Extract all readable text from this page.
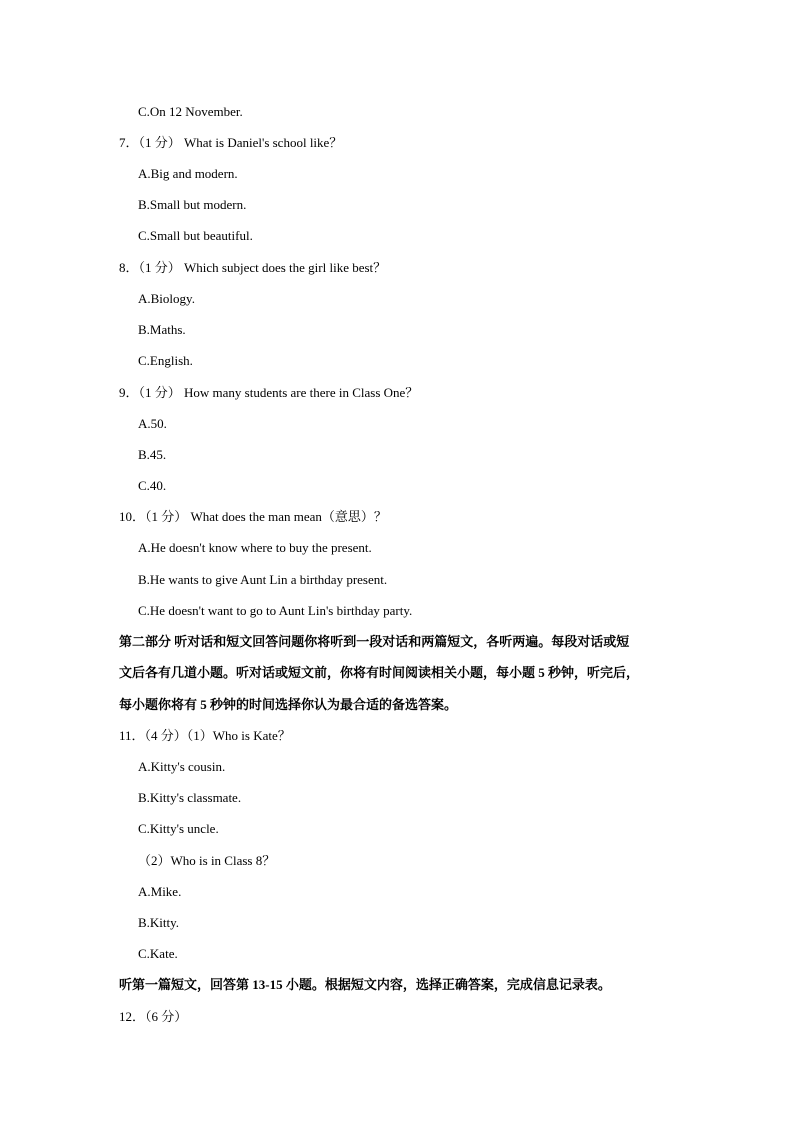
C.On 12 November.
7．（1 分） What is Daniel's school like？
A.Big and modern.
B.Small but modern.
C.Small but beautiful.
8．（1 分） Which subject does the girl like best？
A.Biology.
B.Maths.
C.English.
9．（1 分） How many students are there in Class One？
A.50.
B.45.
C.40.
10．（1 分） What does the man mean（意思）？
A.He doesn't know where to buy the present.
B.He wants to give Aunt Lin a birthday present.
C.He doesn't want to go to Aunt Lin's birthday party.
第二部分 听对话和短文回答问题你将听到一段对话和两篇短文，各听两遍。每段对话或短
文后各有几道小题。听对话或短文前，你将有时间阅读相关小题，每小题 5 秒钟，听完后，
每小题你将有 5 秒钟的时间选择你认为最合适的备选答案。
11．（4 分）（1）Who is Kate？
A.Kitty's cousin.
B.Kitty's classmate.
C.Kitty's uncle.
（2）Who is in Class 8？
A.Mike.
B.Kitty.
C.Kate.
听第一篇短文，回答第 13-15 小题。根据短文内容，选择正确答案，完成信息记录表。
12．（6 分）
